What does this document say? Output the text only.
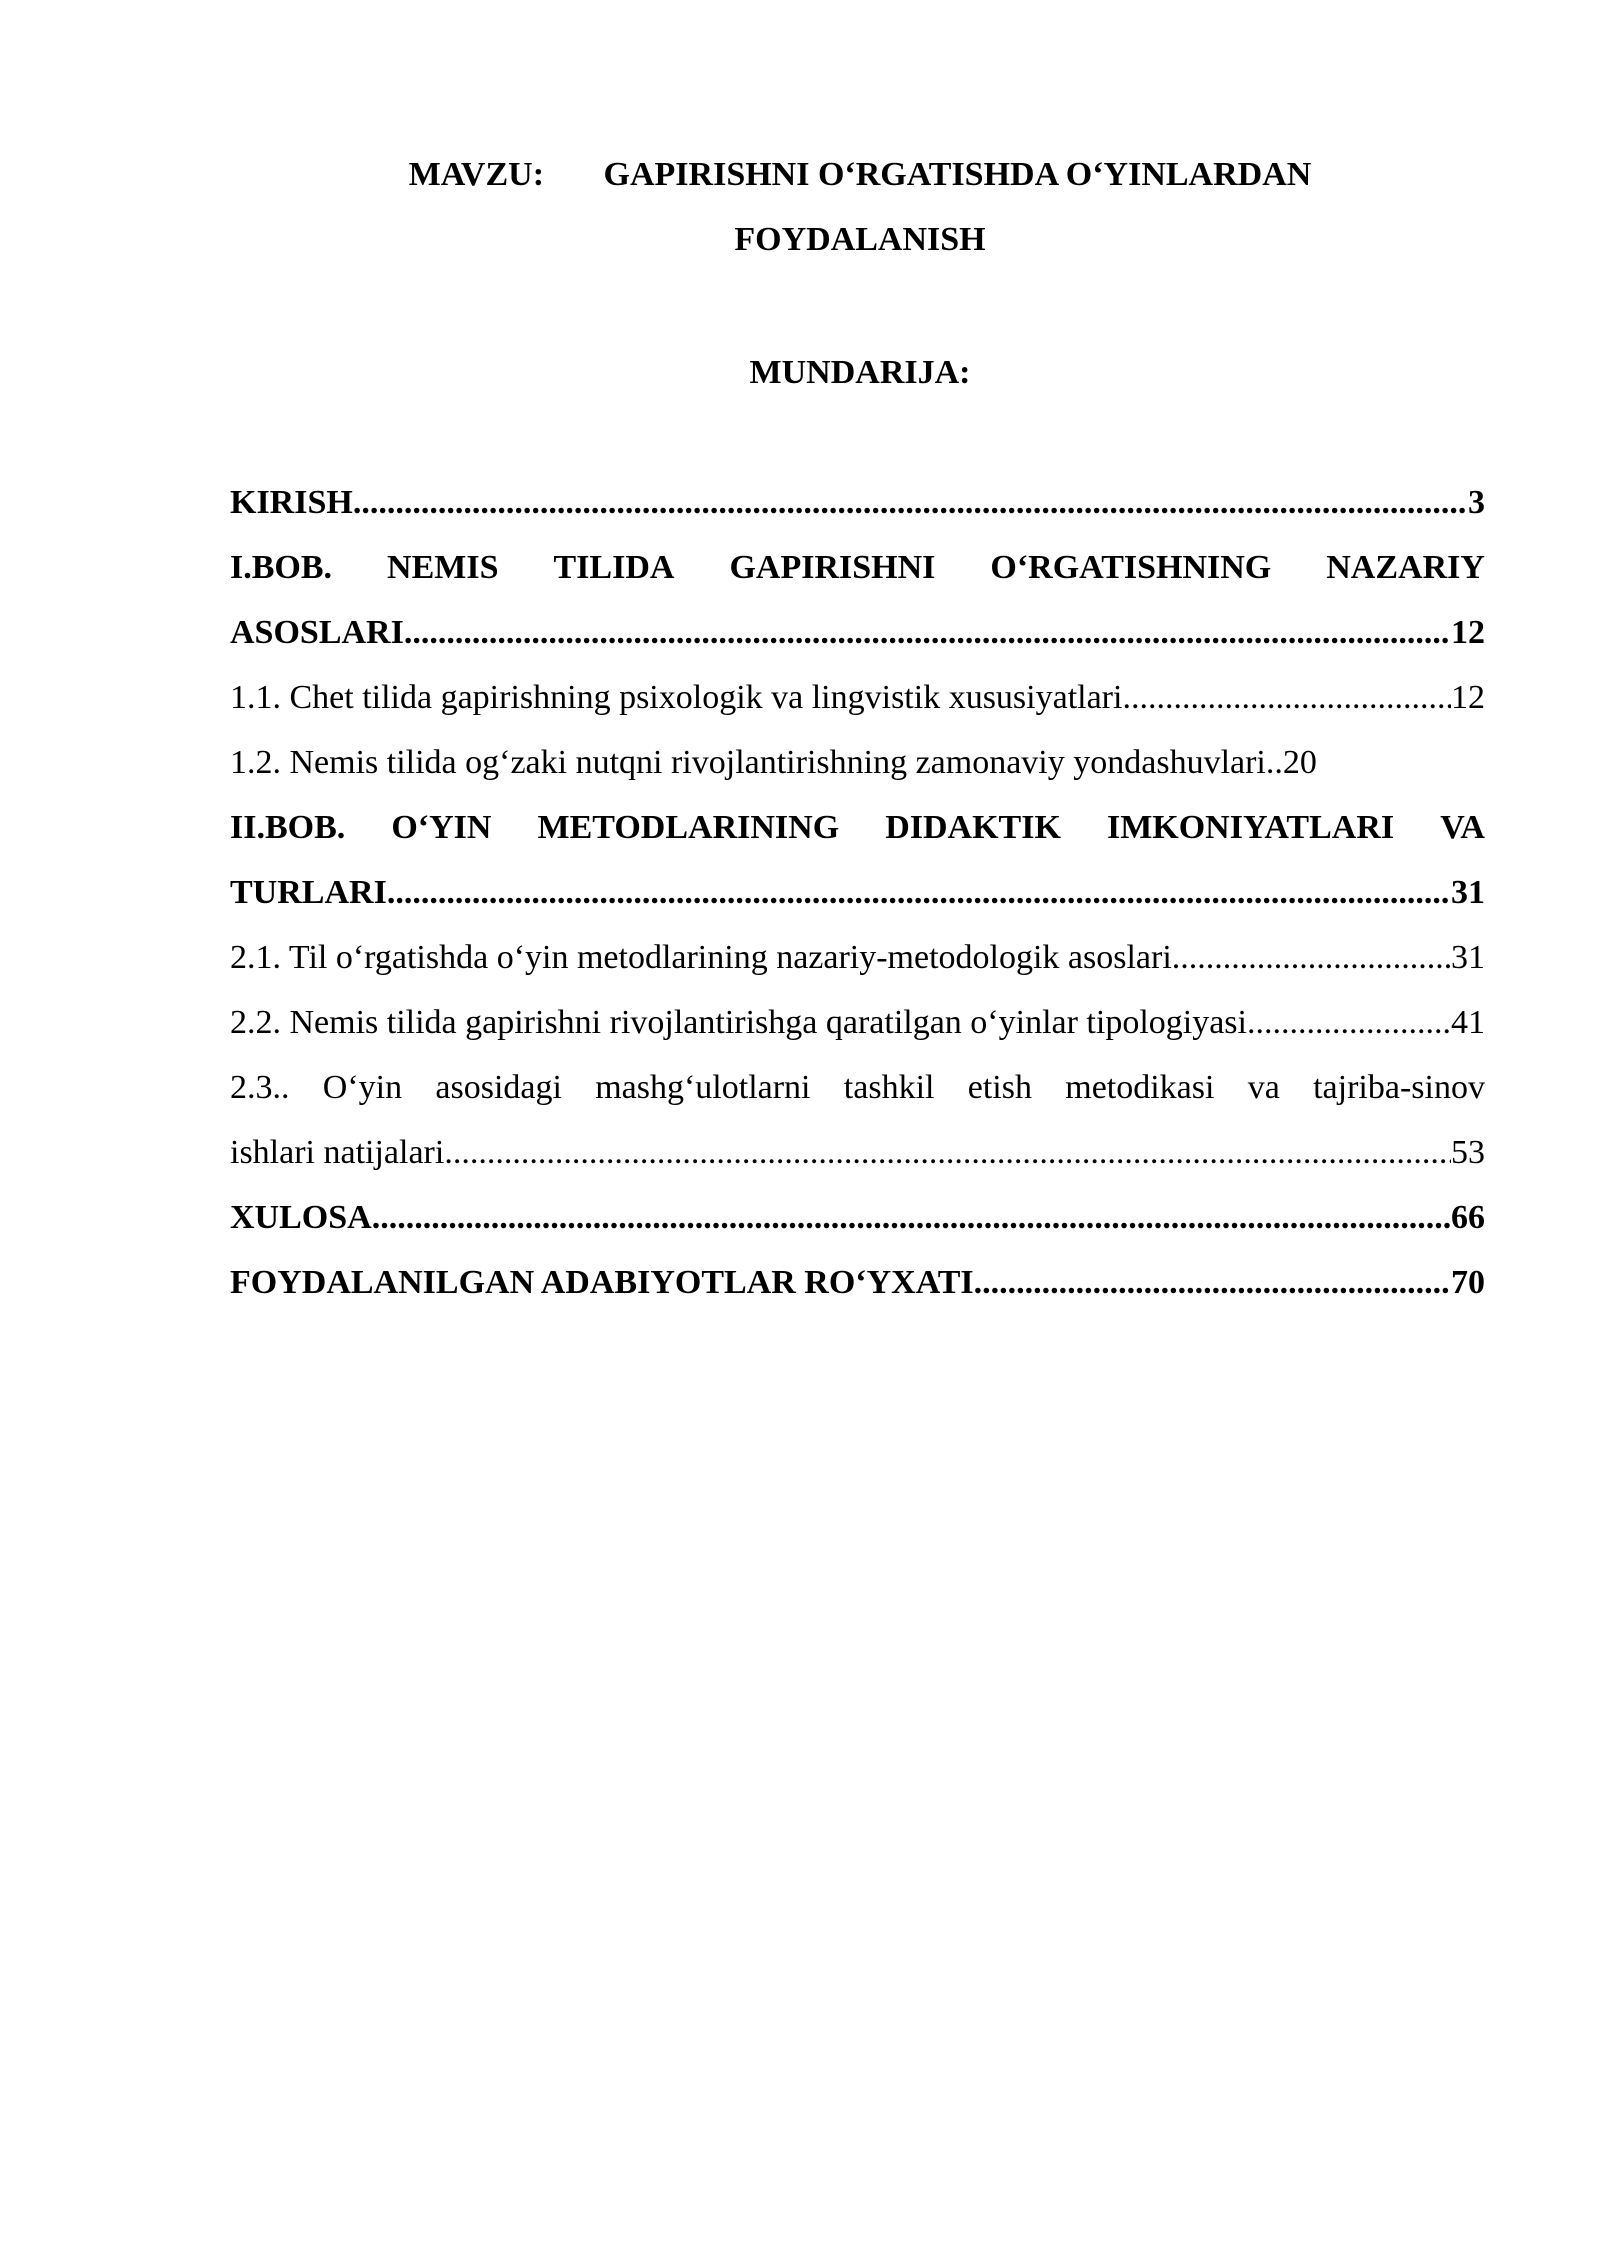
MAVZU:       GAPIRISHNI O‘RGATISHDA O‘YINLARDAN
FOYDALANISH
MUNDARIJA:
KIRISH .....	3
I.BOB. NEMIS TILIDA GAPIRISHNI O‘RGATISHNING NAZARIY
ASOSLARI .....	12
1.1. Chet tilida gapirishning psixologik va lingvistik xususiyatlari .....	12
1.2. Nemis tilida og‘zaki nutqni rivojlantirishning zamonaviy yondashuvlari..20
II.BOB. O‘YIN METODLARINING DIDAKTIK IMKONIYATLARI VA
TURLARI .....	31
2.1. Til o‘rgatishda o‘yin metodlarining nazariy-metodologik asoslari .....	31
2.2. Nemis tilida gapirishni rivojlantirishga qaratilgan o‘yinlar tipologiyasi .....	41
2.3.. O‘yin asosidagi mashg‘ulotlarni tashkil etish metodikasi va tajriba-sinov
ishlari natijalari .....	53
XULOSA .....	66
FOYDALANILGAN ADABIYOTLAR RO‘YXATI .....	70
